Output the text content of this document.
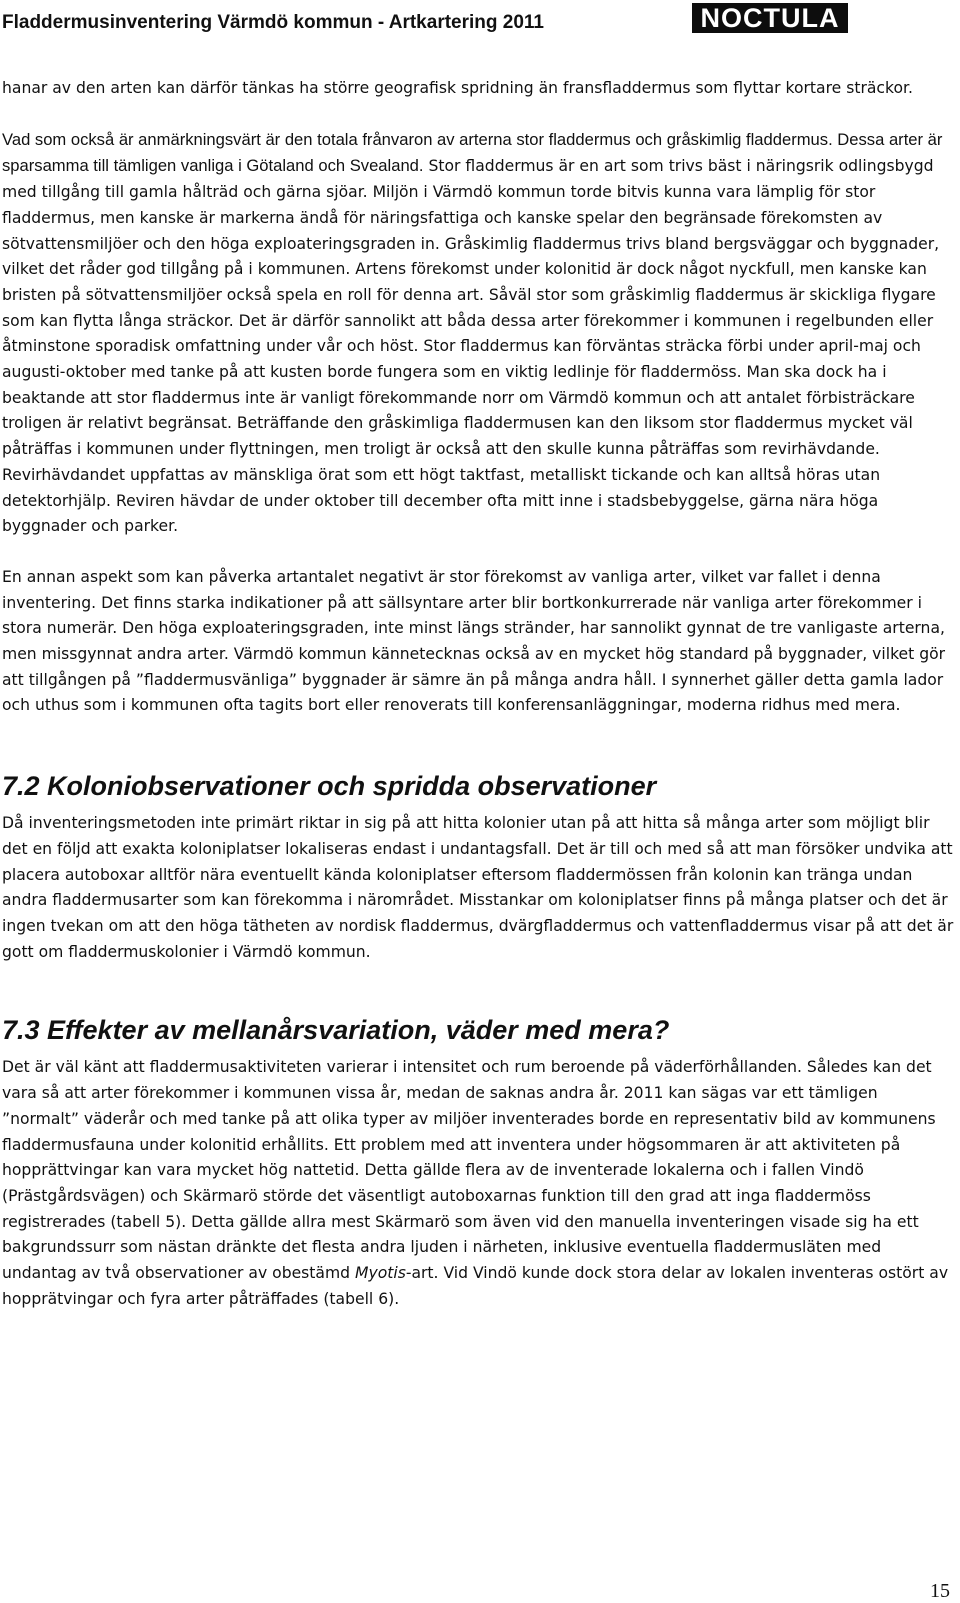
Fladdermusinventering Värmdö kommun - Artkartering 2011	NOCTULA

hanar av den arten kan därför tänkas ha större geografisk spridning än fransfladdermus som flyttar kortare sträckor.

Vad som också är anmärkningsvärt är den totala frånvaron av arterna stor fladdermus och gråskimlig fladdermus. Dessa arter är sparsamma till tämligen vanliga i Götaland och Svealand. Stor fladdermus är en art som trivs bäst i näringsrik odlingsbygd med tillgång till gamla hålträd och gärna sjöar. Miljön i Värmdö kommun torde bitvis kunna vara lämplig för stor fladdermus, men kanske är markerna ändå för näringsfattiga och kanske spelar den begränsade förekomsten av sötvattensmiljöer och den höga exploateringsgraden in. Gråskimlig fladdermus trivs bland bergsväggar och byggnader, vilket det råder god tillgång på i kommunen. Artens förekomst under kolonitid är dock något nyckfull, men kanske kan bristen på sötvattensmiljöer också spela en roll för denna art. Såväl stor som gråskimlig fladdermus är skickliga flygare som kan flytta långa sträckor. Det är därför sannolikt att båda dessa arter förekommer i kommunen i regelbunden eller åtminstone sporadisk omfattning under vår och höst. Stor fladdermus kan förväntas sträcka förbi under april-maj och augusti-oktober med tanke på att kusten borde fungera som en viktig ledlinje för fladdermöss. Man ska dock ha i beaktande att stor fladdermus inte är vanligt förekommande norr om Värmdö kommun och att antalet förbisträckare troligen är relativt begränsat. Beträffande den gråskimliga fladdermusen kan den liksom stor fladdermus mycket väl påträffas i kommunen under flyttningen, men troligt är också att den skulle kunna påträffas som revirhävdande. Revirhävdandet uppfattas av mänskliga örat som ett högt taktfast, metalliskt tickande och kan alltså höras utan detektorhjälp. Reviren hävdar de under oktober till december ofta mitt inne i stadsbebyggelse, gärna nära höga byggnader och parker.

En annan aspekt som kan påverka artantalet negativt är stor förekomst av vanliga arter, vilket var fallet i denna inventering. Det finns starka indikationer på att sällsyntare arter blir bortkonkurrerade när vanliga arter förekommer i stora numerär. Den höga exploateringsgraden, inte minst längs stränder, har sannolikt gynnat de tre vanligaste arterna, men missgynnat andra arter. Värmdö kommun kännetecknas också av en mycket hög standard på byggnader, vilket gör att tillgången på ”fladdermusvänliga” byggnader är sämre än på många andra håll. I synnerhet gäller detta gamla lador och uthus som i kommunen ofta tagits bort eller renoverats till konferensanläggningar, moderna ridhus med mera.

7.2 Koloniobservationer och spridda observationer

Då inventeringsmetoden inte primärt riktar in sig på att hitta kolonier utan på att hitta så många arter som möjligt blir det en följd att exakta koloniplatser lokaliseras endast i undantagsfall. Det är till och med så att man försöker undvika att placera autoboxar alltför nära eventuellt kända koloniplatser eftersom fladdermössen från kolonin kan tränga undan andra fladdermusarter som kan förekomma i närområdet. Misstankar om koloniplatser finns på många platser och det är ingen tvekan om att den höga tätheten av nordisk fladdermus, dvärgfladdermus och vattenfladdermus visar på att det är gott om fladdermuskolonier i Värmdö kommun.

7.3 Effekter av mellanårsvariation, väder med mera?

Det är väl känt att fladdermusaktiviteten varierar i intensitet och rum beroende på väderförhållanden. Således kan det vara så att arter förekommer i kommunen vissa år, medan de saknas andra år. 2011 kan sägas var ett tämligen ”normalt” väderår och med tanke på att olika typer av miljöer inventerades borde en representativ bild av kommunens fladdermusfauna under kolonitid erhållits. Ett problem med att inventera under högsommaren är att aktiviteten på hopprättvingar kan vara mycket hög nattetid. Detta gällde flera av de inventerade lokalerna och i fallen Vindö (Prästgårdsvägen) och Skärmarö störde det väsentligt autoboxarnas funktion till den grad att inga fladdermöss registrerades (tabell 5). Detta gällde allra mest Skärmarö som även vid den manuella inventeringen visade sig ha ett bakgrundssurr som nästan dränkte det flesta andra ljuden i närheten, inklusive eventuella fladdermusläten med undantag av två observationer av obestämd Myotis-art. Vid Vindö kunde dock stora delar av lokalen inventeras ostört av hopprätvingar och fyra arter påträffades (tabell 6).

15
